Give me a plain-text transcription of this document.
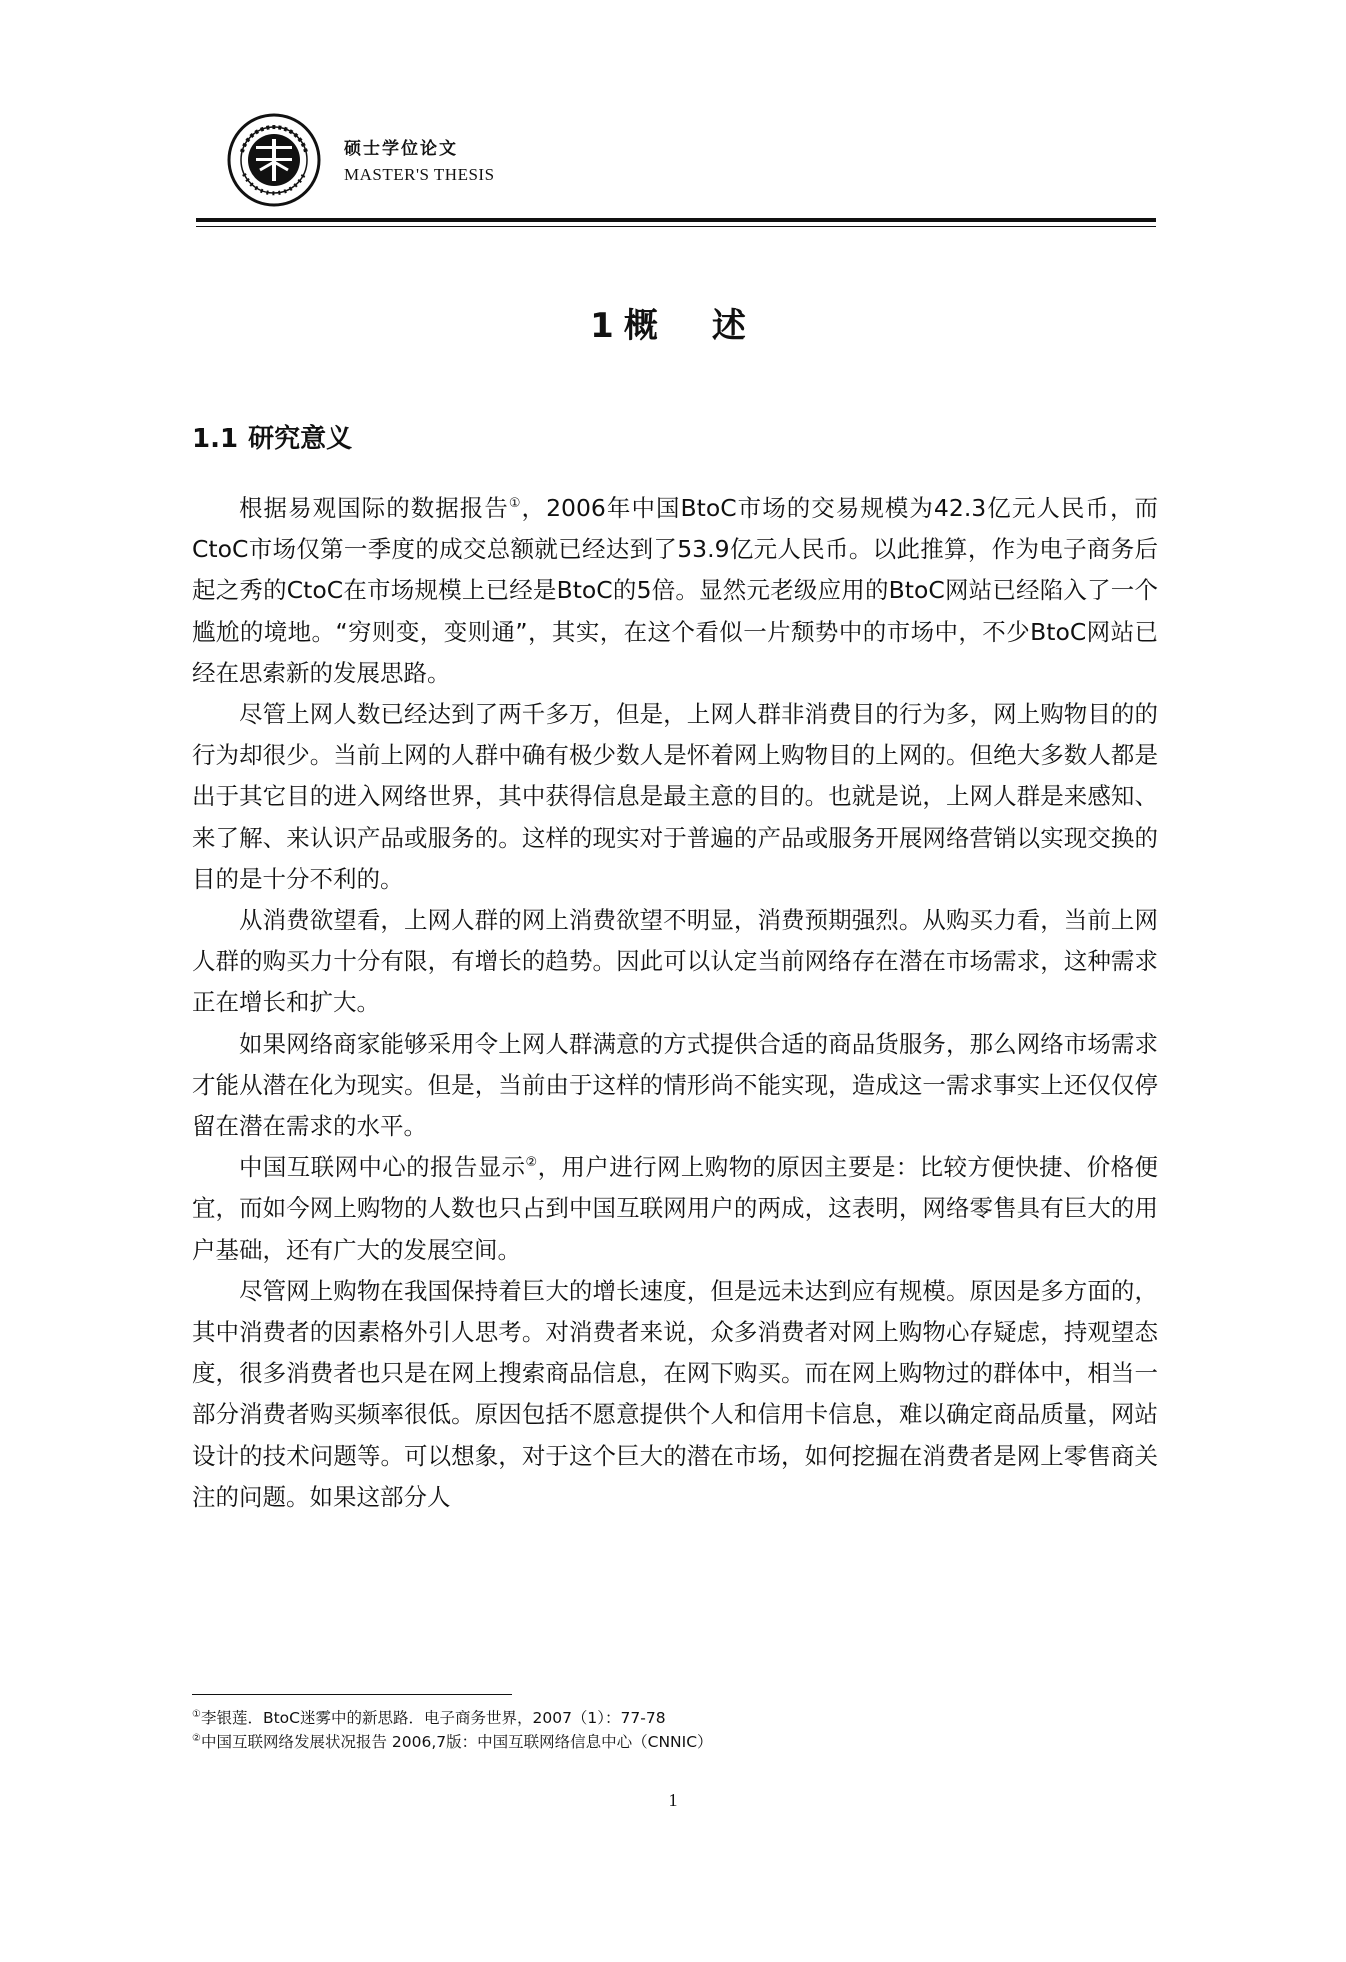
硕士学位论文
MASTER'S THESIS
1概　述
1.1 研究意义

根据易观国际的数据报告①，2006年中国BtoC市场的交易规模为42.3亿元人民币，而CtoC市场仅第一季度的成交总额就已经达到了53.9亿元人民币。以此推算，作为电子商务后起之秀的CtoC在市场规模上已经是BtoC的5倍。显然元老级应用的BtoC网站已经陷入了一个尴尬的境地。“穷则变，变则通”，其实，在这个看似一片颓势中的市场中，不少BtoC网站已经在思索新的发展思路。

尽管上网人数已经达到了两千多万，但是，上网人群非消费目的行为多，网上购物目的的行为却很少。当前上网的人群中确有极少数人是怀着网上购物目的上网的。但绝大多数人都是出于其它目的进入网络世界，其中获得信息是最主意的目的。也就是说，上网人群是来感知、来了解、来认识产品或服务的。这样的现实对于普遍的产品或服务开展网络营销以实现交换的目的是十分不利的。

从消费欲望看，上网人群的网上消费欲望不明显，消费预期强烈。从购买力看，当前上网人群的购买力十分有限，有增长的趋势。因此可以认定当前网络存在潜在市场需求，这种需求正在增长和扩大。

如果网络商家能够采用令上网人群满意的方式提供合适的商品货服务，那么网络市场需求才能从潜在化为现实。但是，当前由于这样的情形尚不能实现，造成这一需求事实上还仅仅停留在潜在需求的水平。

中国互联网中心的报告显示②，用户进行网上购物的原因主要是：比较方便快捷、价格便宜，而如今网上购物的人数也只占到中国互联网用户的两成，这表明，网络零售具有巨大的用户基础，还有广大的发展空间。

尽管网上购物在我国保持着巨大的增长速度，但是远未达到应有规模。原因是多方面的，其中消费者的因素格外引人思考。对消费者来说，众多消费者对网上购物心存疑虑，持观望态度，很多消费者也只是在网上搜索商品信息，在网下购买。而在网上购物过的群体中，相当一部分消费者购买频率很低。原因包括不愿意提供个人和信用卡信息，难以确定商品质量，网站设计的技术问题等。可以想象，对于这个巨大的潜在市场，如何挖掘在消费者是网上零售商关注的问题。如果这部分人

①李银莲．BtoC迷雾中的新思路．电子商务世界，2007（1）：77-78
②中国互联网络发展状况报告 2006,7版：中国互联网络信息中心（CNNIC）
1
